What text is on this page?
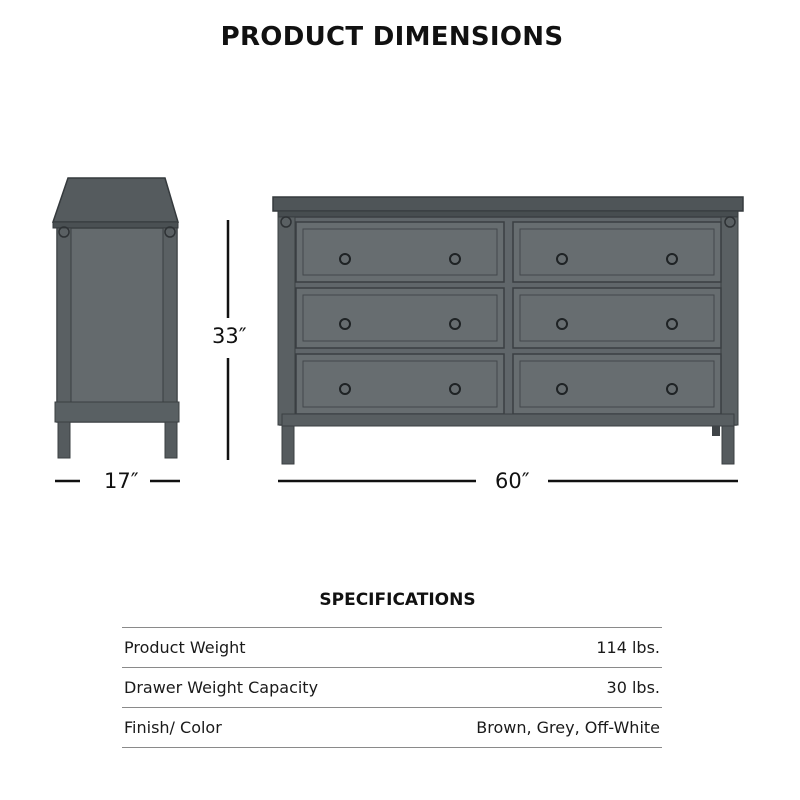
PRODUCT DIMENSIONS
33″
17″	60″
SPECIFICATIONS
Product Weight	114 lbs.
Drawer Weight Capacity	30 lbs.
Finish/ Color	Brown, Grey, Off-White
